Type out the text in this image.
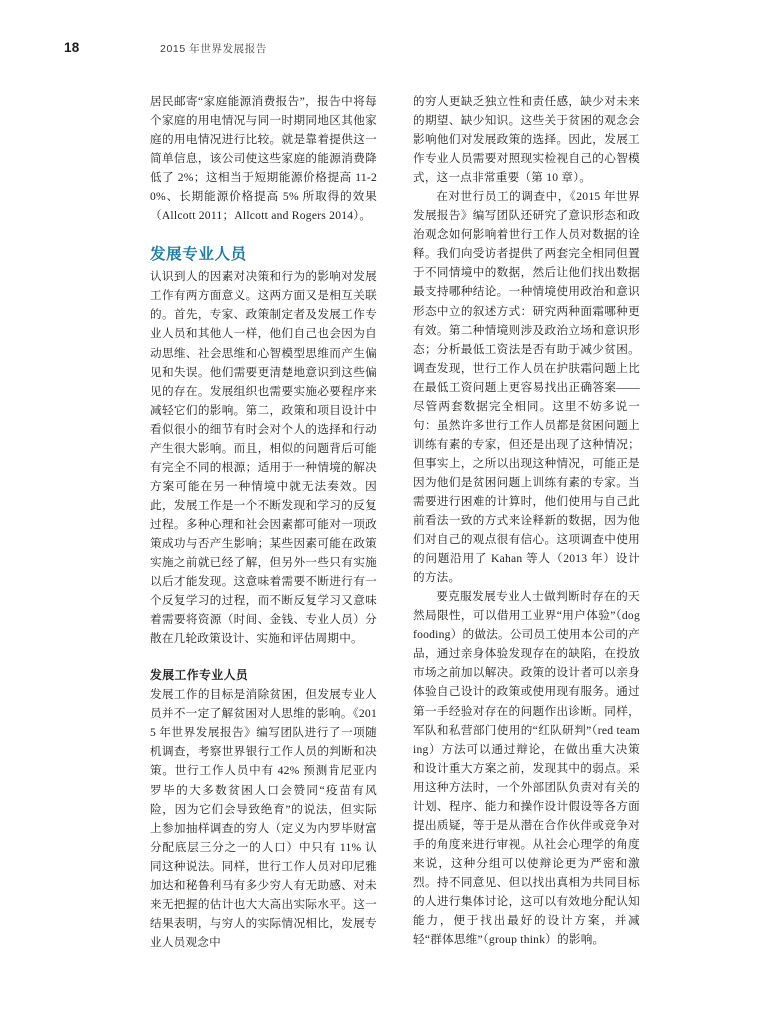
18	2015 年世界发展报告

居民邮寄“家庭能源消费报告”，报告中将每个家庭的用电情况与同一时期同地区其他家庭的用电情况进行比较。就是靠着提供这一简单信息，该公司使这些家庭的能源消费降低了 2%；这相当于短期能源价格提高 11-20%、长期能源价格提高 5% 所取得的效果（Allcott 2011；Allcott and Rogers 2014）。

发展专业人员

认识到人的因素对决策和行为的影响对发展工作有两方面意义。这两方面又是相互关联的。首先，专家、政策制定者及发展工作专业人员和其他人一样，他们自己也会因为自动思维、社会思维和心智模型思维而产生偏见和失误。他们需要更清楚地意识到这些偏见的存在。发展组织也需要实施必要程序来减轻它们的影响。第二，政策和项目设计中看似很小的细节有时会对个人的选择和行动产生很大影响。而且，相似的问题背后可能有完全不同的根源；适用于一种情境的解决方案可能在另一种情境中就无法奏效。因此，发展工作是一个不断发现和学习的反复过程。多种心理和社会因素都可能对一项政策成功与否产生影响；某些因素可能在政策实施之前就已经了解，但另外一些只有实施以后才能发现。这意味着需要不断进行有一个反复学习的过程，而不断反复学习又意味着需要将资源（时间、金钱、专业人员）分散在几轮政策设计、实施和评估周期中。

发展工作专业人员

发展工作的目标是消除贫困，但发展专业人员并不一定了解贫困对人思维的影响。《2015 年世界发展报告》编写团队进行了一项随机调查，考察世界银行工作人员的判断和决策。世行工作人员中有 42% 预测肯尼亚内罗毕的大多数贫困人口会赞同“疫苗有风险，因为它们会导致绝育”的说法，但实际上参加抽样调查的穷人（定义为内罗毕财富分配底层三分之一的人口）中只有 11% 认同这种说法。同样，世行工作人员对印尼雅加达和秘鲁利马有多少穷人有无助感、对未来无把握的估计也大大高出实际水平。这一结果表明，与穷人的实际情况相比，发展专业人员观念中

的穷人更缺乏独立性和责任感，缺少对未来的期望、缺少知识。这些关于贫困的观念会影响他们对发展政策的选择。因此，发展工作专业人员需要对照现实检视自己的心智模式，这一点非常重要（第 10 章）。

在对世行员工的调查中，《2015 年世界发展报告》编写团队还研究了意识形态和政治观念如何影响着世行工作人员对数据的诠释。我们向受访者提供了两套完全相同但置于不同情境中的数据，然后让他们找出数据最支持哪种结论。一种情境使用政治和意识形态中立的叙述方式：研究两种面霜哪种更有效。第二种情境则涉及政治立场和意识形态；分析最低工资法是否有助于减少贫困。调查发现，世行工作人员在护肤霜问题上比在最低工资问题上更容易找出正确答案——尽管两套数据完全相同。这里不妨多说一句：虽然许多世行工作人员都是贫困问题上训练有素的专家，但还是出现了这种情况；但事实上，之所以出现这种情况，可能正是因为他们是贫困问题上训练有素的专家。当需要进行困难的计算时，他们使用与自己此前看法一致的方式来诠释新的数据，因为他们对自己的观点很有信心。这项调查中使用的问题沿用了 Kahan 等人（2013 年）设计的方法。

要克服发展专业人士做判断时存在的天然局限性，可以借用工业界“用户体验”（dogfooding）的做法。公司员工使用本公司的产品，通过亲身体验发现存在的缺陷，在投放市场之前加以解决。政策的设计者可以亲身体验自己设计的政策或使用现有服务。通过第一手经验对存在的问题作出诊断。同样，军队和私营部门使用的“红队研判”（red teaming）方法可以通过辩论，在做出重大决策和设计重大方案之前，发现其中的弱点。采用这种方法时，一个外部团队负责对有关的计划、程序、能力和操作设计假设等各方面提出质疑，等于是从潜在合作伙伴或竞争对手的角度来进行审视。从社会心理学的角度来说，这种分组可以使辩论更为严密和激烈。持不同意见、但以找出真相为共同目标的人进行集体讨论，这可以有效地分配认知能力，便于找出最好的设计方案，并减轻“群体思维”（group think）的影响。
